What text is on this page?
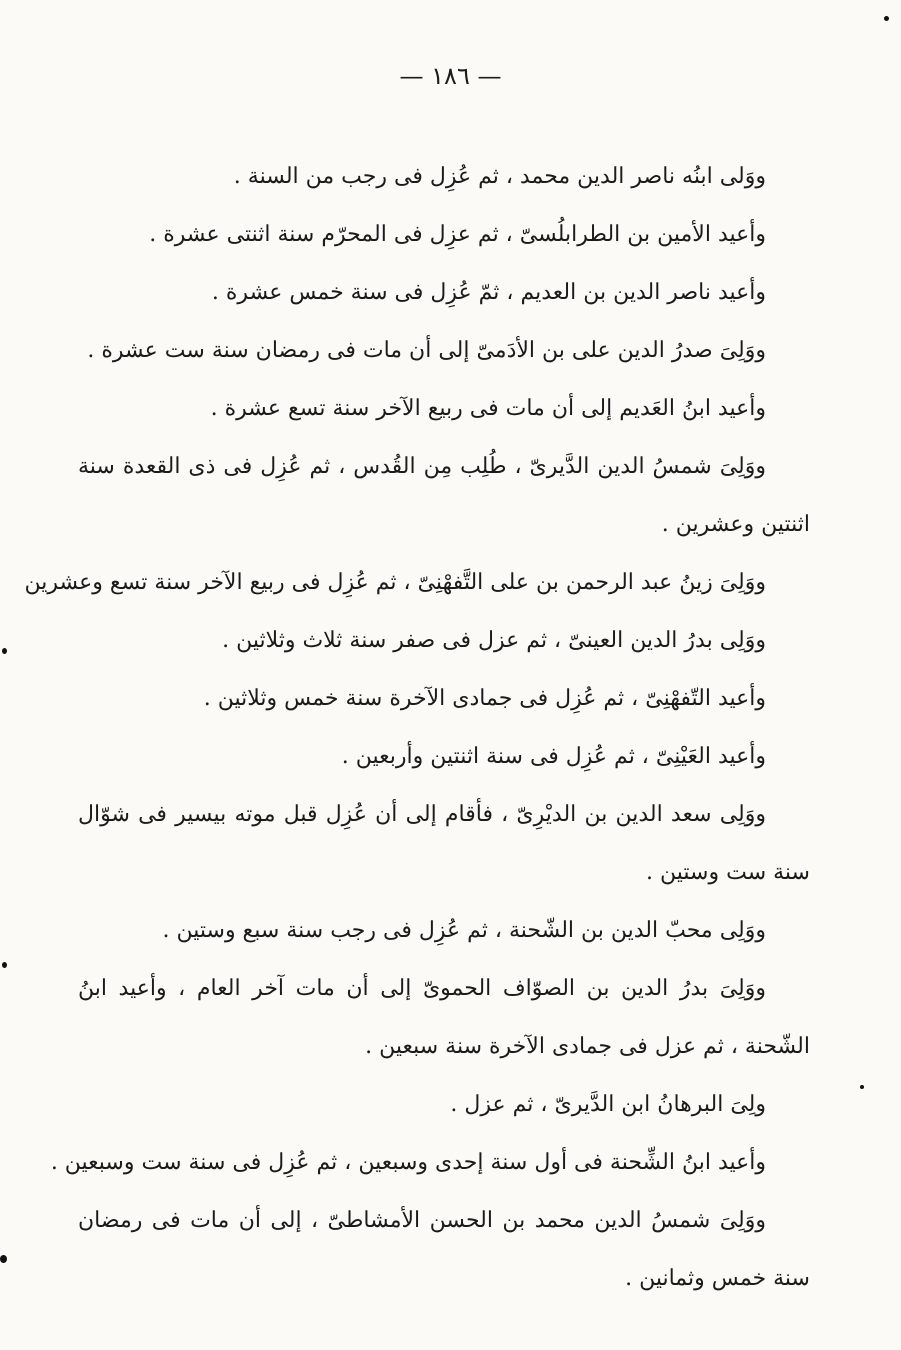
— ١٨٦ —

ووَلى ابنُه ناصر الدين محمد ، ثم عُزِل فى رجب من السنة .

وأعيد الأمين بن الطرابلُسىّ ، ثم عزِل فى المحرّم سنة اثنتى عشرة .

وأعيد ناصر الدين بن العديم ، ثمّ عُزِل فى سنة خمس عشرة .

ووَلِىَ صدرُ الدين على بن الأدَمىّ إلى أن مات فى رمضان سنة ست عشرة .

وأعيد ابنُ العَديم إلى أن مات فى ربيع الآخر سنة تسع عشرة .

ووَلِىَ شمسُ الدين الدَّيرىّ ، طُلِب مِن القُدس ، ثم عُزِل فى ذى القعدة سنة اثنتين وعشرين .

ووَلِىَ زينُ عبد الرحمن بن على التَّفهْنِىّ ، ثم عُزِل فى ربيع الآخر سنة تسع وعشرين

ووَلِى بدرُ الدين العينىّ ، ثم عزل فى صفر سنة ثلاث وثلاثين .

وأعيد التّفهْنِىّ ، ثم عُزِل فى جمادى الآخرة سنة خمس وثلاثين .

وأعيد العَيْنِىّ ، ثم عُزِل فى سنة اثنتين وأربعين .

ووَلِى سعد الدين بن الديْرِىّ ، فأقام إلى أن عُزِل قبل موته بيسير فى شوّال سنة ست وستين .

ووَلِى محبّ الدين بن الشّحنة ، ثم عُزِل فى رجب سنة سبع وستين .

ووَلِىَ بدرُ الدين بن الصوّاف الحموىّ إلى أن مات آخر العام ، وأعيد ابنُ الشّحنة ، ثم عزل فى جمادى الآخرة سنة سبعين .

ولِىَ البرهانُ ابن الدَّيرىّ ، ثم عزل .

وأعيد ابنُ الشِّحنة فى أول سنة إحدى وسبعين ، ثم عُزِل فى سنة ست وسبعين .

ووَلِىَ شمسُ الدين محمد بن الحسن الأمشاطىّ ، إلى أن مات فى رمضان سنة خمس وثمانين .
